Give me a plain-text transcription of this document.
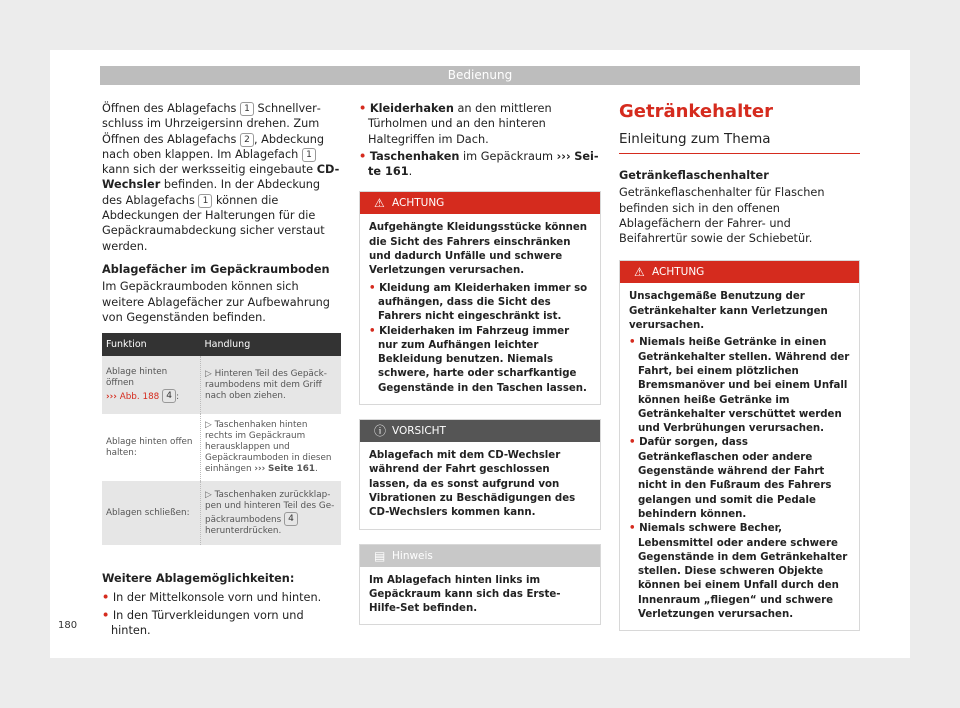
Bedienung

Öffnen des Ablagefachs 1 Schnellverschluss im Uhrzeigersinn drehen. Zum Öffnen des Ablagefachs 2 , Abdeckung nach oben klappen. Im Ablagefach 1 kann sich der werksseitig eingebaute CD-Wechsler befinden. In der Abdeckung des Ablagefachs 1 können die Abdeckungen der Halterungen für die Gepäckraumabdeckung sicher verstaut werden.

Ablagefächer im Gepäckraumboden

Im Gepäckraumboden können sich weitere Ablagefächer zur Aufbewahrung von Gegenständen befinden.

Funktion	Handlung
Ablage hinten öffnen
››› Abb. 188 4 :	▷ Hinteren Teil des Gepäckraumbodens mit dem Griff nach oben ziehen.
Ablage hinten offen halten:	▷ Taschenhaken hinten rechts im Gepäckraum herausklappen und Gepäckraumboden in diesen einhängen ››› Seite 161.
Ablagen schließen:	▷ Taschenhaken zurückklappen und hinteren Teil des Gepäckraumbodens 4 herunterdrücken.

Weitere Ablagemöglichkeiten:

• In der Mittelkonsole vorn und hinten.
• In den Türverkleidungen vorn und hinten.
• Kleiderhaken an den mittleren Türholmen und an den hinteren Haltegriffen im Dach.
• Taschenhaken im Gepäckraum ››› Seite 161.
⚠ ACHTUNG

Aufgehängte Kleidungsstücke können die Sicht des Fahrers einschränken und dadurch Unfälle und schwere Verletzungen verursachen.

• Kleidung am Kleiderhaken immer so aufhängen, dass die Sicht des Fahrers nicht eingeschränkt ist.
• Kleiderhaken im Fahrzeug immer nur zum Aufhängen leichter Bekleidung benutzen. Niemals schwere, harte oder scharfkantige Gegenstände in den Taschen lassen.
ⓘ VORSICHT
Ablagefach mit dem CD-Wechsler während der Fahrt geschlossen lassen, da es sonst aufgrund von Vibrationen zu Beschädigungen des CD-Wechslers kommen kann.
▤ Hinweis
Im Ablagefach hinten links im Gepäckraum kann sich das Erste-Hilfe-Set befinden.
Getränkehalter
Einleitung zum Thema

Getränkeflaschenhalter

Getränkeflaschenhalter für Flaschen befinden sich in den offenen Ablagefächern der Fahrer- und Beifahrertür sowie der Schiebetür.

⚠ ACHTUNG

Unsachgemäße Benutzung der Getränkehalter kann Verletzungen verursachen.

• Niemals heiße Getränke in einen Getränkehalter stellen. Während der Fahrt, bei einem plötzlichen Bremsmanöver und bei einem Unfall können heiße Getränke im Getränkehalter verschüttet werden und Verbrühungen verursachen.
• Dafür sorgen, dass Getränkeflaschen oder andere Gegenstände während der Fahrt nicht in den Fußraum des Fahrers gelangen und somit die Pedale behindern können.
• Niemals schwere Becher, Lebensmittel oder andere schwere Gegenstände in dem Getränkehalter stellen. Diese schweren Objekte können bei einem Unfall durch den Innenraum „fliegen“ und schwere Verletzungen verursachen.
180
